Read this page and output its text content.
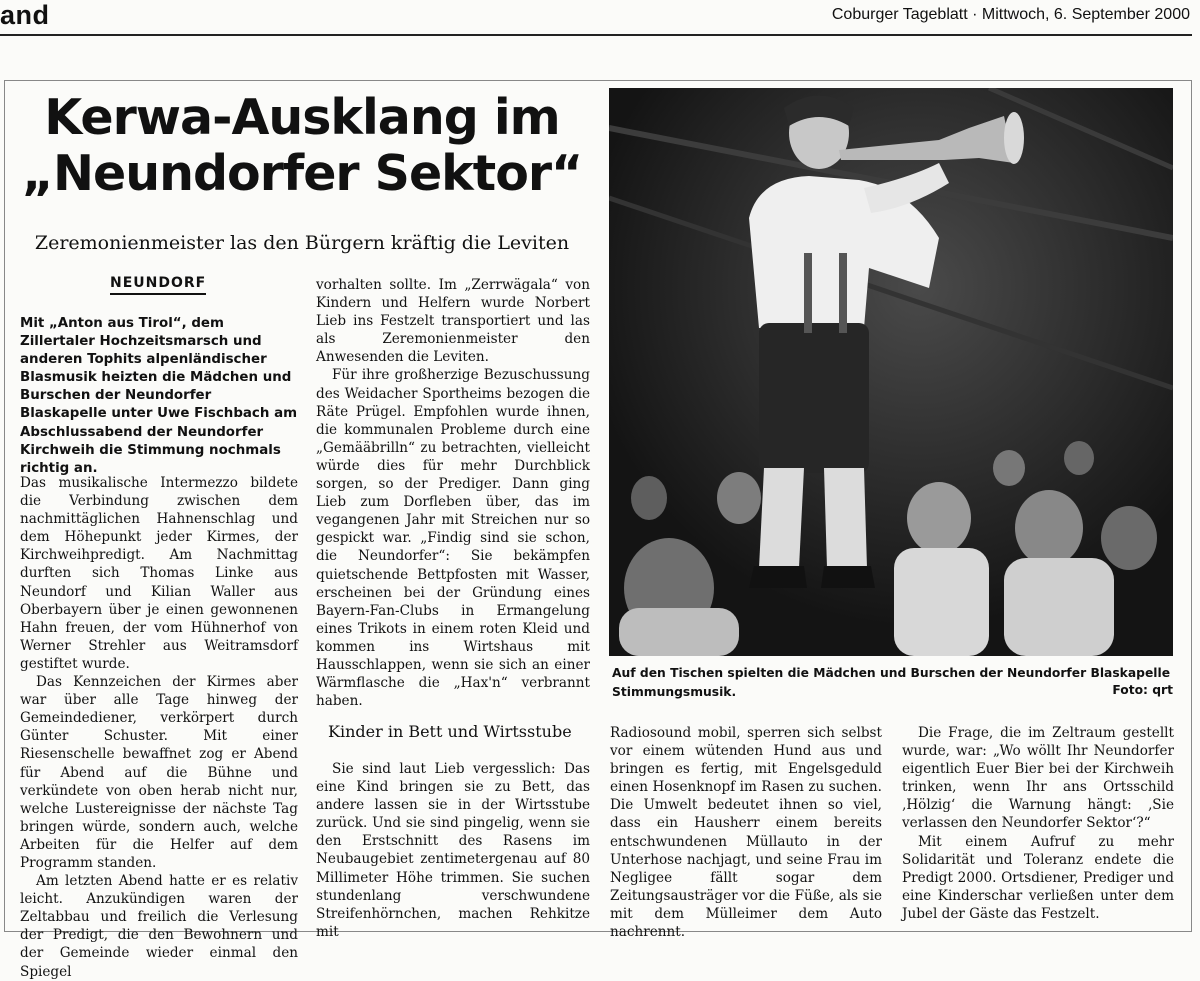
and	Coburger Tageblatt · Mittwoch, 6. September 2000
Kerwa-Ausklang im
„Neundorfer Sektor“
Zeremonienmeister las den Bürgern kräftig die Leviten
NEUNDORF
Mit „Anton aus Tirol“, dem Zillertaler Hochzeitsmarsch und anderen Tophits alpenländischer Blasmusik heizten die Mädchen und Burschen der Neundorfer Blaskapelle unter Uwe Fischbach am Abschlussabend der Neundorfer Kirchweih die Stimmung nochmals richtig an.

Das musikalische Intermezzo bildete die Verbindung zwischen dem nachmittäglichen Hahnenschlag und dem Höhepunkt jeder Kirmes, der Kirchweihpredigt. Am Nachmittag durften sich Thomas Linke aus Neundorf und Kilian Waller aus Oberbayern über je einen gewonnenen Hahn freuen, der vom Hühnerhof von Werner Strehler aus Weitramsdorf gestiftet wurde.

Das Kennzeichen der Kirmes aber war über alle Tage hinweg der Gemeindediener, verkörpert durch Günter Schuster. Mit einer Riesenschelle bewaffnet zog er Abend für Abend auf die Bühne und verkündete von oben herab nicht nur, welche Lustereignisse der nächste Tag bringen würde, sondern auch, welche Arbeiten für die Helfer auf dem Programm standen.

Am letzten Abend hatte er es relativ leicht. Anzukündigen waren der Zeltabbau und freilich die Verlesung der Predigt, die den Bewohnern und der Gemeinde wieder einmal den Spiegel

vorhalten sollte. Im „Zerrwägala“ von Kindern und Helfern wurde Norbert Lieb ins Festzelt transportiert und las als Zeremonienmeister den Anwesenden die Leviten.

Für ihre großherzige Bezuschussung des Weidacher Sportheims bezogen die Räte Prügel. Empfohlen wurde ihnen, die kommunalen Probleme durch eine „Gemääbrilln“ zu betrachten, vielleicht würde dies für mehr Durchblick sorgen, so der Prediger. Dann ging Lieb zum Dorfleben über, das im vegangenen Jahr mit Streichen nur so gespickt war. „Findig sind sie schon, die Neundorfer“: Sie bekämpfen quietschende Bettpfosten mit Wasser, erscheinen bei der Gründung eines Bayern-Fan-Clubs in Ermangelung eines Trikots in einem roten Kleid und kommen ins Wirtshaus mit Hausschlappen, wenn sie sich an einer Wärmflasche die „Hax'n“ verbrannt haben.

Kinder in Bett und Wirtsstube

Sie sind laut Lieb vergesslich: Das eine Kind bringen sie zu Bett, das andere lassen sie in der Wirtsstube zurück. Und sie sind pingelig, wenn sie den Erstschnitt des Rasens im Neubaugebiet zentimetergenau auf 80 Millimeter Höhe trimmen. Sie suchen stundenlang verschwundene Streifenhörnchen, machen Rehkitze mit

Auf den Tischen spielten die Mädchen und Burschen der Neundorfer Blaskapelle Stimmungsmusik.	Foto: qrt

Radiosound mobil, sperren sich selbst vor einem wütenden Hund aus und bringen es fertig, mit Engelsgeduld einen Hosenknopf im Rasen zu suchen. Die Umwelt bedeutet ihnen so viel, dass ein Hausherr einem bereits entschwundenen Müllauto in der Unterhose nachjagt, und seine Frau im Negligee fällt sogar dem Zeitungsausträger vor die Füße, als sie mit dem Mülleimer dem Auto nachrennt.

Die Frage, die im Zeltraum gestellt wurde, war: „Wo wöllt Ihr Neundorfer eigentlich Euer Bier bei der Kirchweih trinken, wenn Ihr ans Ortsschild ‚Hölzig‘ die Warnung hängt: ‚Sie verlassen den Neundorfer Sektor‘?“

Mit einem Aufruf zu mehr Solidarität und Toleranz endete die Predigt 2000. Ortsdiener, Prediger und eine Kinderschar verließen unter dem Jubel der Gäste das Festzelt.
